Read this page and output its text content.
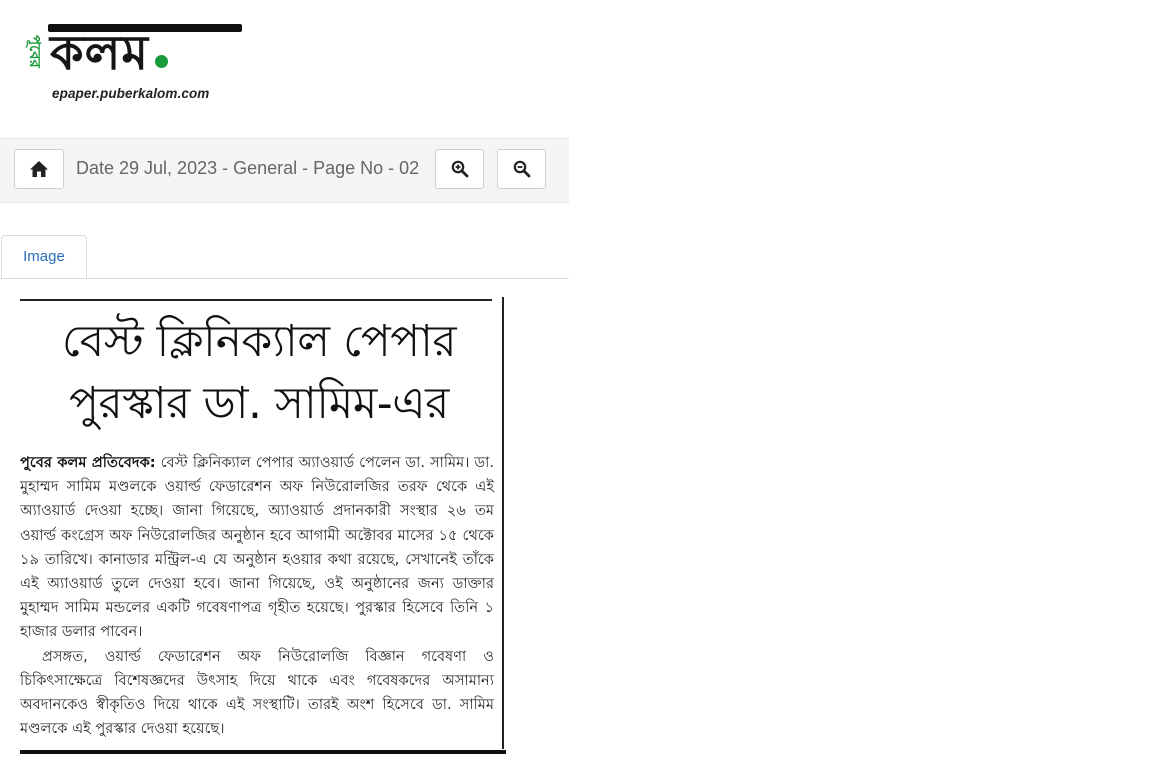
পূবের কলম
epaper.puberkalom.com
Date 29 Jul, 2023 - General - Page No - 02
Image
বেস্ট ক্লিনিক্যাল পেপার
পুরস্কার ডা. সামিম-এর
পুবের কলম প্রতিবেদক: বেস্ট ক্লিনিক্যাল পেপার অ্যাওয়ার্ড পেলেন ডা. সামিম। ডা. মুহাম্মদ সামিম মণ্ডলকে ওয়ার্ল্ড ফেডারেশন অফ নিউরোলজির তরফ থেকে এই অ্যাওয়ার্ড দেওয়া হচ্ছে। জানা গিয়েছে, অ্যাওয়ার্ড প্রদানকারী সংস্থার ২৬ তম ওয়ার্ল্ড কংগ্রেস অফ নিউরোলজির অনুষ্ঠান হবে আগামী অক্টোবর মাসের ১৫ থেকে ১৯ তারিখে। কানাডার মন্ট্রিল-এ যে অনুষ্ঠান হওয়ার কথা রয়েছে, সেখানেই তাঁকে এই অ্যাওয়ার্ড তুলে দেওয়া হবে। জানা গিয়েছে, ওই অনুষ্ঠানের জন্য ডাক্তার মুহাম্মদ সামিম মন্ডলের একটি গবেষণাপত্র গৃহীত হয়েছে। পুরস্কার হিসেবে তিনি ১ হাজার ডলার পাবেন।
প্রসঙ্গত, ওয়ার্ল্ড ফেডারেশন অফ নিউরোলজি বিজ্ঞান গবেষণা ও চিকিৎসাক্ষেত্রে বিশেষজ্ঞদের উৎসাহ দিয়ে থাকে এবং গবেষকদের অসামান্য অবদানকেও স্বীকৃতিও দিয়ে থাকে এই সংস্থাটি। তারই অংশ হিসেবে ডা. সামিম মণ্ডলকে এই পুরস্কার দেওয়া হয়েছে।
